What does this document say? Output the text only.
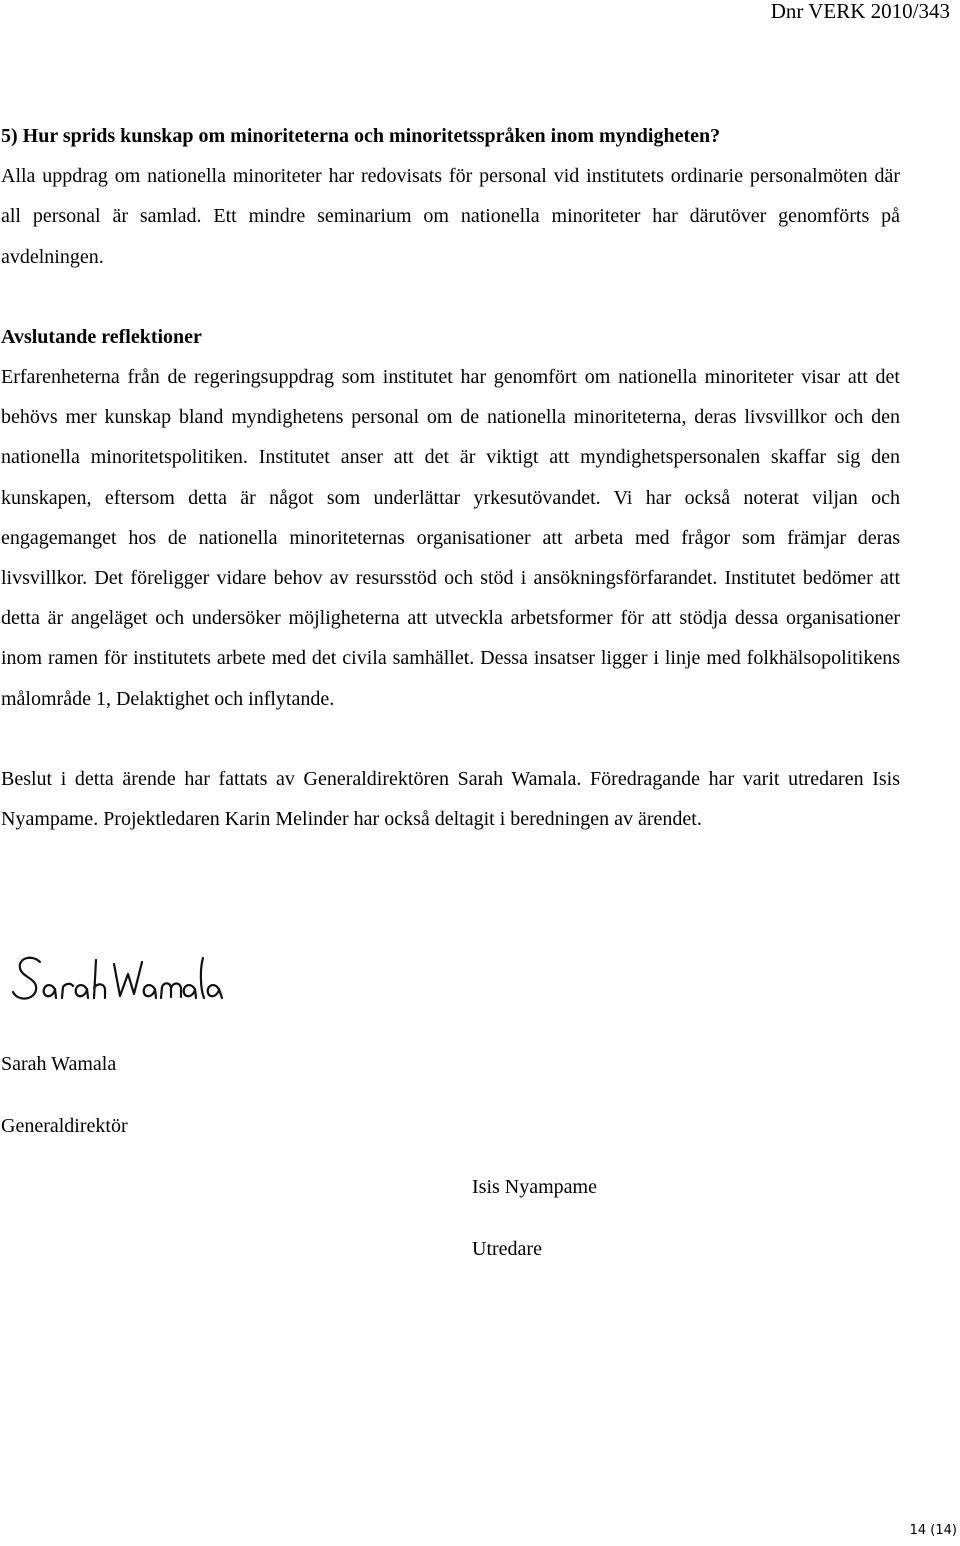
Dnr VERK 2010/343

5) Hur sprids kunskap om minoriteterna och minoritetsspråken inom myndigheten?

Alla uppdrag om nationella minoriteter har redovisats för personal vid institutets ordinarie personalmöten där all personal är samlad. Ett mindre seminarium om nationella minoriteter har därutöver genomförts på avdelningen.

Avslutande reflektioner

Erfarenheterna från de regeringsuppdrag som institutet har genomfört om nationella minoriteter visar att det behövs mer kunskap bland myndighetens personal om de nationella minoriteterna, deras livsvillkor och den nationella minoritetspolitiken. Institutet anser att det är viktigt att myndighetspersonalen skaffar sig den kunskapen, eftersom detta är något som underlättar yrkesutövandet. Vi har också noterat viljan och engagemanget hos de nationella minoriteternas organisationer att arbeta med frågor som främjar deras livsvillkor. Det föreligger vidare behov av resursstöd och stöd i ansökningsförfarandet. Institutet bedömer att detta är angeläget och undersöker möjligheterna att utveckla arbetsformer för att stödja dessa organisationer inom ramen för institutets arbete med det civila samhället. Dessa insatser ligger i linje med folkhälsopolitikens målområde 1, Delaktighet och inflytande.

Beslut i detta ärende har fattats av Generaldirektören Sarah Wamala. Föredragande har varit utredaren Isis Nyampame. Projektledaren Karin Melinder har också deltagit i beredningen av ärendet.

Sarah Wamala
Generaldirektör
Isis Nyampame
Utredare
14 (14)
